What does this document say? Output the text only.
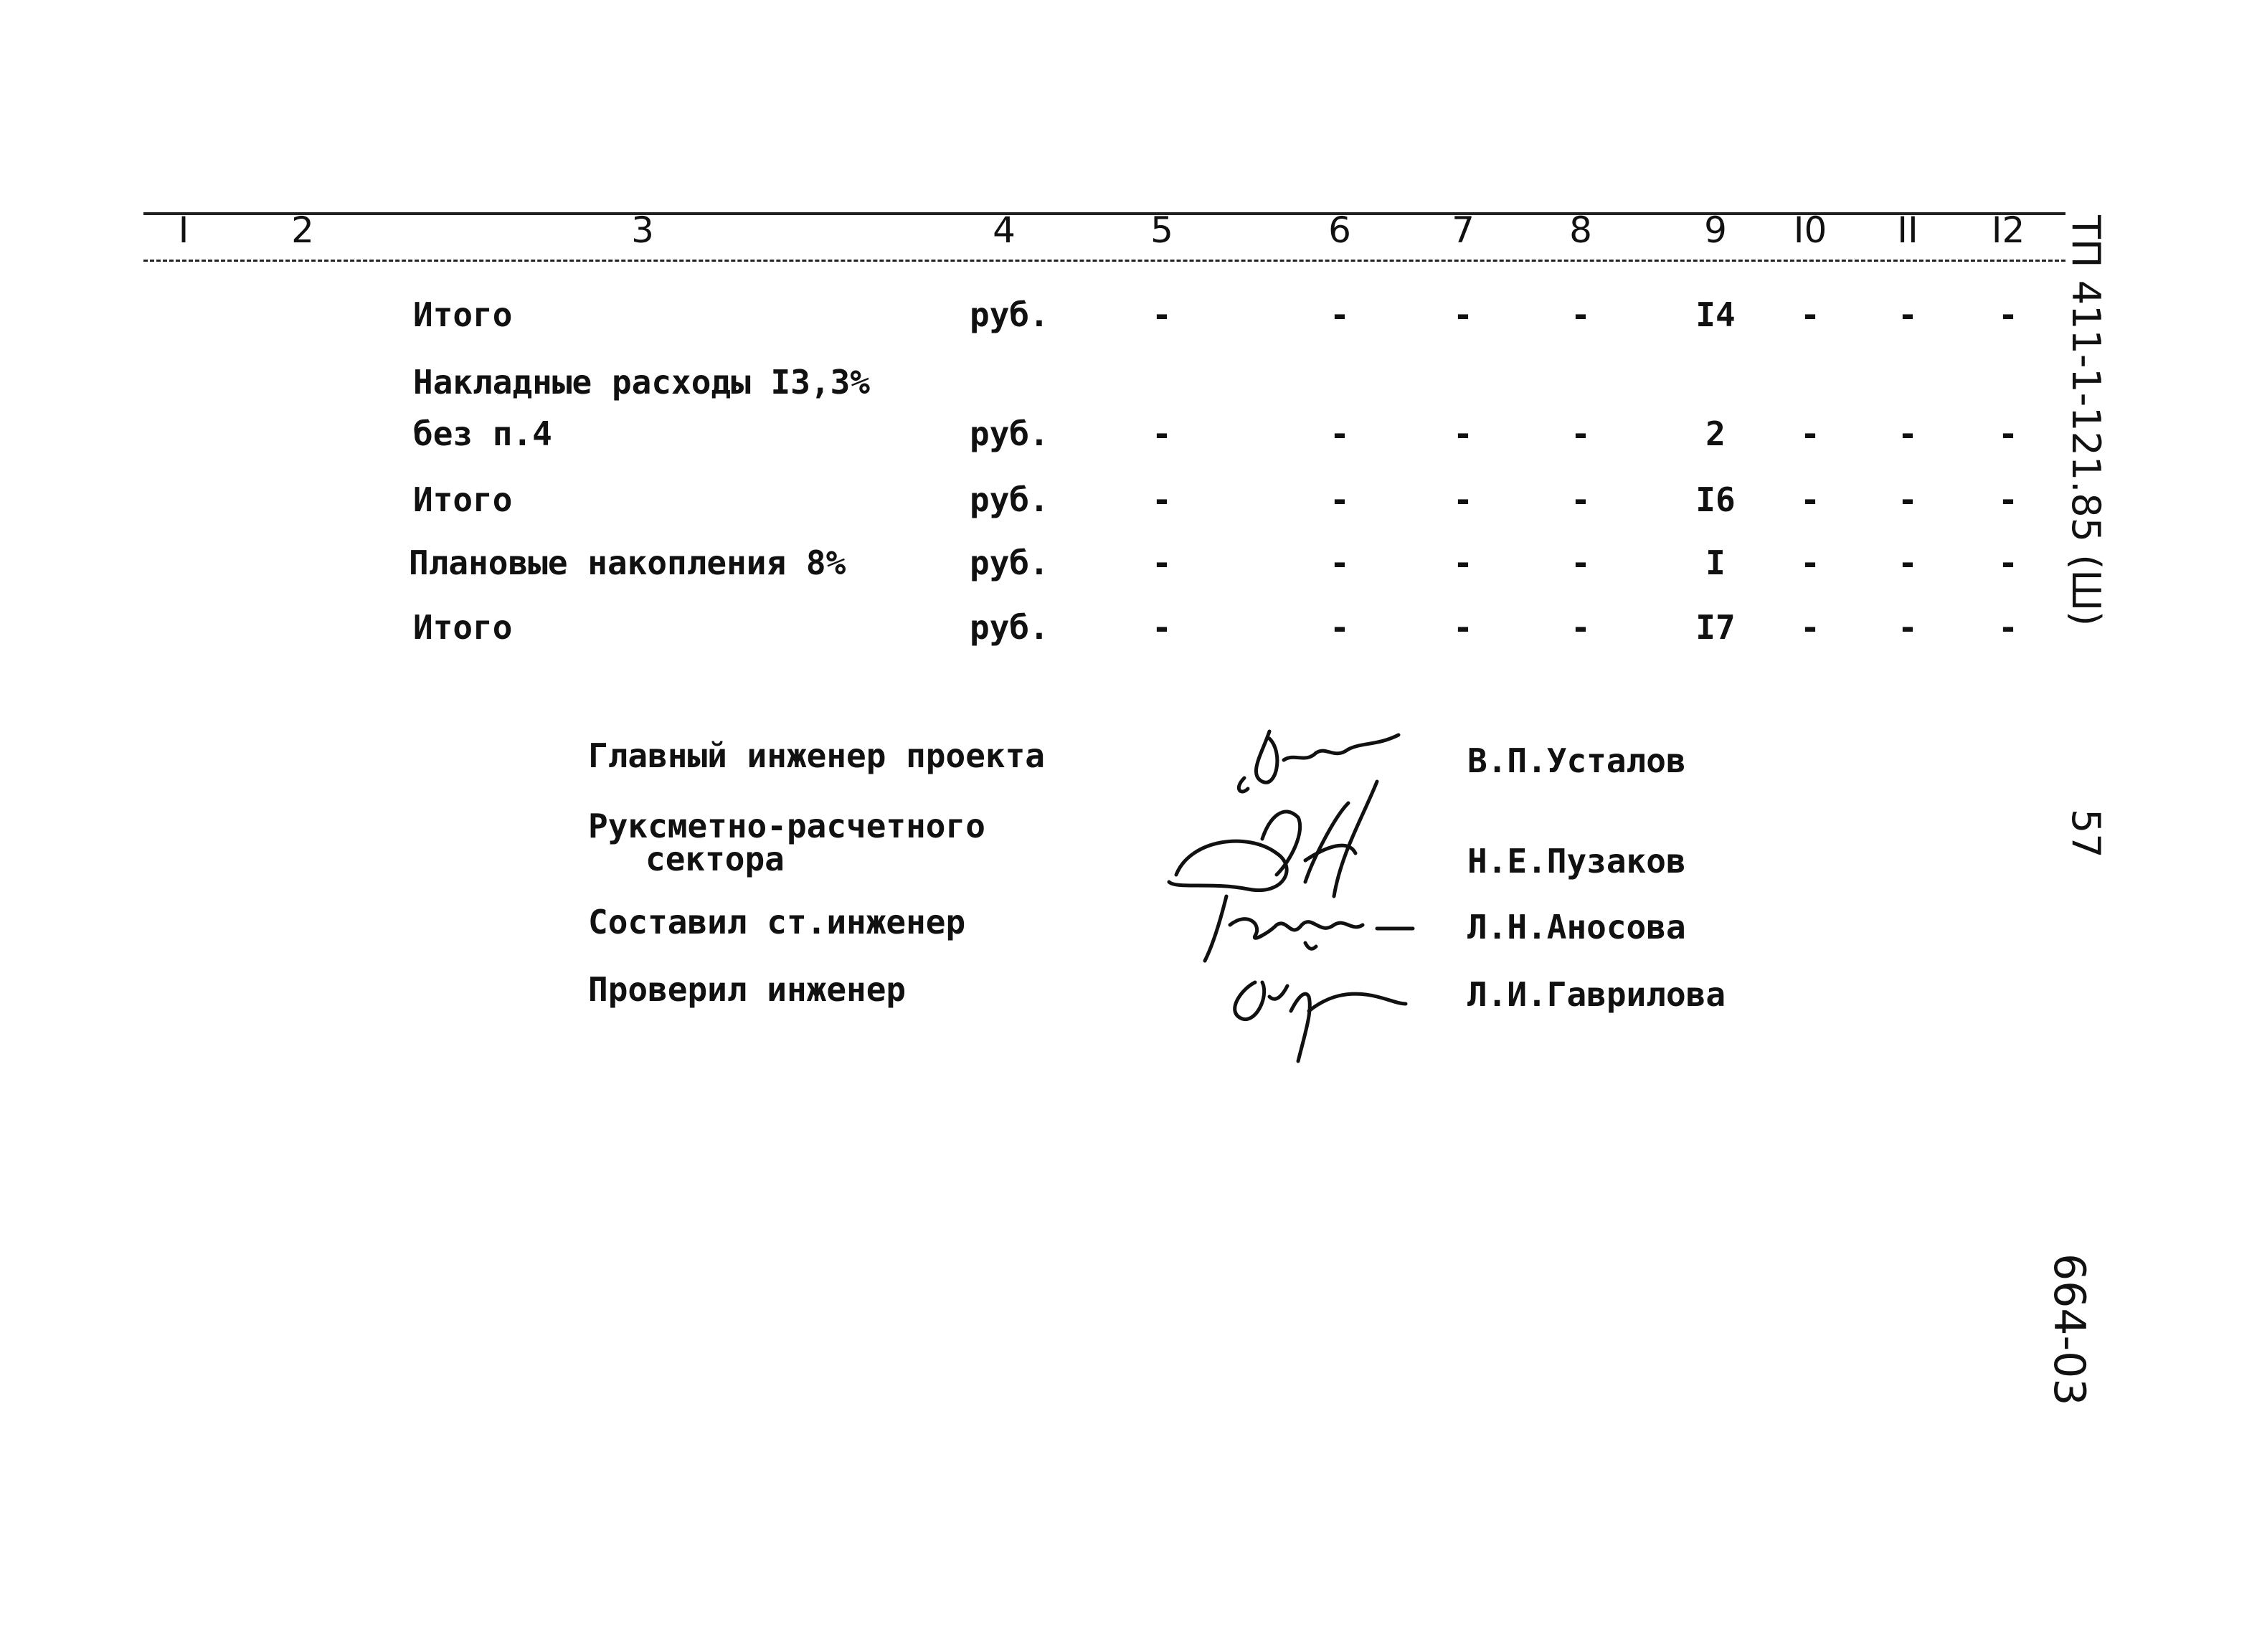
I	2	3	4	5	6	7	8	9 I0 II I2
Итого	руб.	-	-	-	-	I4 - - -
Накладные расходы I3,3%
без п.4	руб.	-	-	-	-	2 - - -
Итого	руб.	-	-	-	-	I6 - - -
Плановые накопления 8%	руб.	-	-	-	-	I - - -
Итого	руб.	-	-	-	-	I7 - - -
Главный инженер проекта	В.П.Усталов
Руксметно-расчетного
сектора	Н.Е.Пузаков
Составил ст.инженер	Л.Н.Аносова
Проверил инженер	Л.И.Гаврилова
ТП 411-1-121.85 (Ш)
57
664-03
